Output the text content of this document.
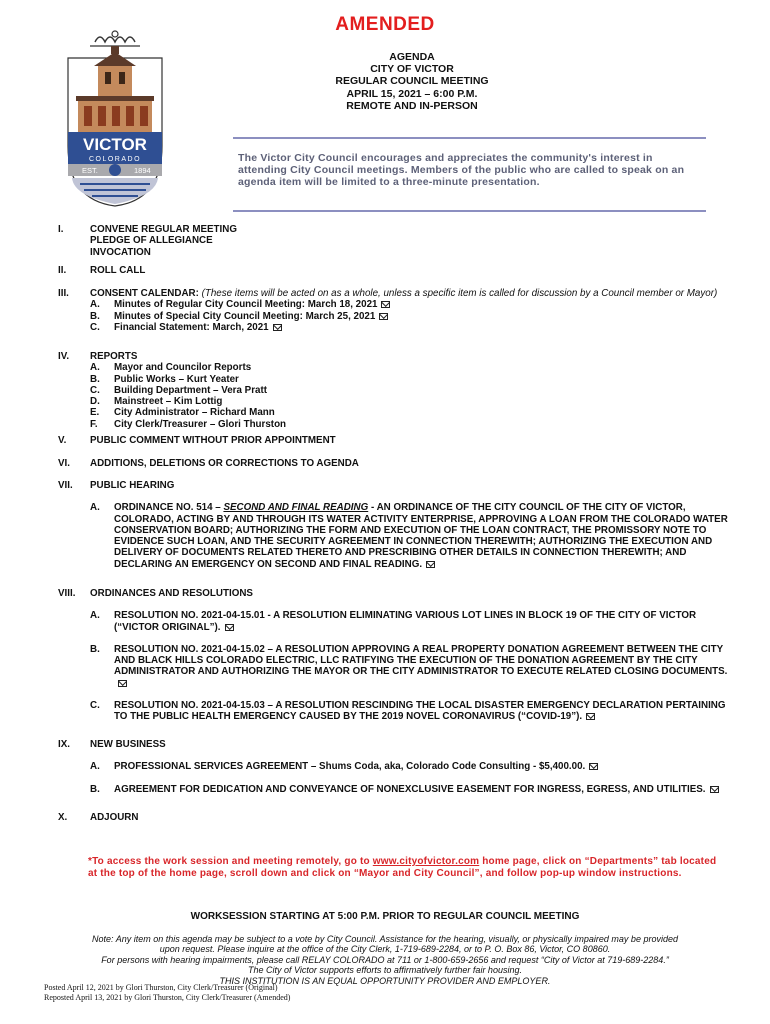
AMENDED
AGENDA
CITY OF VICTOR
REGULAR COUNCIL MEETING
APRIL 15, 2021 – 6:00 P.M.
REMOTE AND IN-PERSON
VICTOR
COLORADO
EST.	1894
The Victor City Council encourages and appreciates the community's interest in attending City Council meetings. Members of the public who are called to speak on an agenda item will be limited to a three-minute presentation.
I.	CONVENE REGULAR MEETING
PLEDGE OF ALLEGIANCE
INVOCATION
II. ROLL CALL
III. CONSENT CALENDAR: (These items will be acted on as a whole, unless a specific item is called for discussion by a Council member or Mayor)
A. Minutes of Regular City Council Meeting: March 18, 2021
B. Minutes of Special City Council Meeting: March 25, 2021
C. Financial Statement: March, 2021
IV. REPORTS
A. Mayor and Councilor Reports
B. Public Works – Kurt Yeater
C. Building Department – Vera Pratt
D. Mainstreet – Kim Lottig
E. City Administrator – Richard Mann
F. City Clerk/Treasurer – Glori Thurston
V. PUBLIC COMMENT WITHOUT PRIOR APPOINTMENT
VI. ADDITIONS, DELETIONS OR CORRECTIONS TO AGENDA
VII. PUBLIC HEARING
A. ORDINANCE NO. 514 – SECOND AND FINAL READING - AN ORDINANCE OF THE CITY COUNCIL OF THE CITY OF VICTOR, COLORADO, ACTING BY AND THROUGH ITS WATER ACTIVITY ENTERPRISE, APPROVING A LOAN FROM THE COLORADO WATER CONSERVATION BOARD; AUTHORIZING THE FORM AND EXECUTION OF THE LOAN CONTRACT, THE PROMISSORY NOTE TO EVIDENCE SUCH LOAN, AND THE SECURITY AGREEMENT IN CONNECTION THEREWITH; AUTHORIZING THE EXECUTION AND DELIVERY OF DOCUMENTS RELATED THERETO AND PRESCRIBING OTHER DETAILS IN CONNECTION THEREWITH; AND DECLARING AN EMERGENCY ON SECOND AND FINAL READING.
VIII. ORDINANCES AND RESOLUTIONS
A. RESOLUTION NO. 2021-04-15.01 - A RESOLUTION ELIMINATING VARIOUS LOT LINES IN BLOCK 19 OF THE CITY OF VICTOR (“VICTOR ORIGINAL”).
B. RESOLUTION NO. 2021-04-15.02 – A RESOLUTION APPROVING A REAL PROPERTY DONATION AGREEMENT BETWEEN THE CITY AND BLACK HILLS COLORADO ELECTRIC, LLC RATIFYING THE EXECUTION OF THE DONATION AGREEMENT BY THE CITY ADMINISTRATOR AND AUTHORIZING THE MAYOR OR THE CITY ADMINISTRATOR TO EXECUTE RELATED CLOSING DOCUMENTS.
C. RESOLUTION NO. 2021-04-15.03 – A RESOLUTION RESCINDING THE LOCAL DISASTER EMERGENCY DECLARATION PERTAINING TO THE PUBLIC HEALTH EMERGENCY CAUSED BY THE 2019 NOVEL CORONAVIRUS (“COVID-19”).
IX. NEW BUSINESS
A. PROFESSIONAL SERVICES AGREEMENT – Shums Coda, aka, Colorado Code Consulting - $5,400.00.
B. AGREEMENT FOR DEDICATION AND CONVEYANCE OF NONEXCLUSIVE EASEMENT FOR INGRESS, EGRESS, AND UTILITIES.
X. ADJOURN
*To access the work session and meeting remotely, go to www.cityofvictor.com home page, click on “Departments” tab located at the top of the home page, scroll down and click on “Mayor and City Council”, and follow pop-up window instructions.
WORKSESSION STARTING AT 5:00 P.M. PRIOR TO REGULAR COUNCIL MEETING
Note: Any item on this agenda may be subject to a vote by City Council. Assistance for the hearing, visually, or physically impaired may be provided
upon request. Please inquire at the office of the City Clerk, 1-719-689-2284, or to P. O. Box 86, Victor, CO 80860.
For persons with hearing impairments, please call RELAY COLORADO at 711 or 1-800-659-2656 and request “City of Victor at 719-689-2284.”
The City of Victor supports efforts to affirmatively further fair housing.
THIS INSTITUTION IS AN EQUAL OPPORTUNITY PROVIDER AND EMPLOYER.
Posted April 12, 2021 by Glori Thurston, City Clerk/Treasurer (Original)
Reposted April 13, 2021 by Glori Thurston, City Clerk/Treasurer (Amended)
